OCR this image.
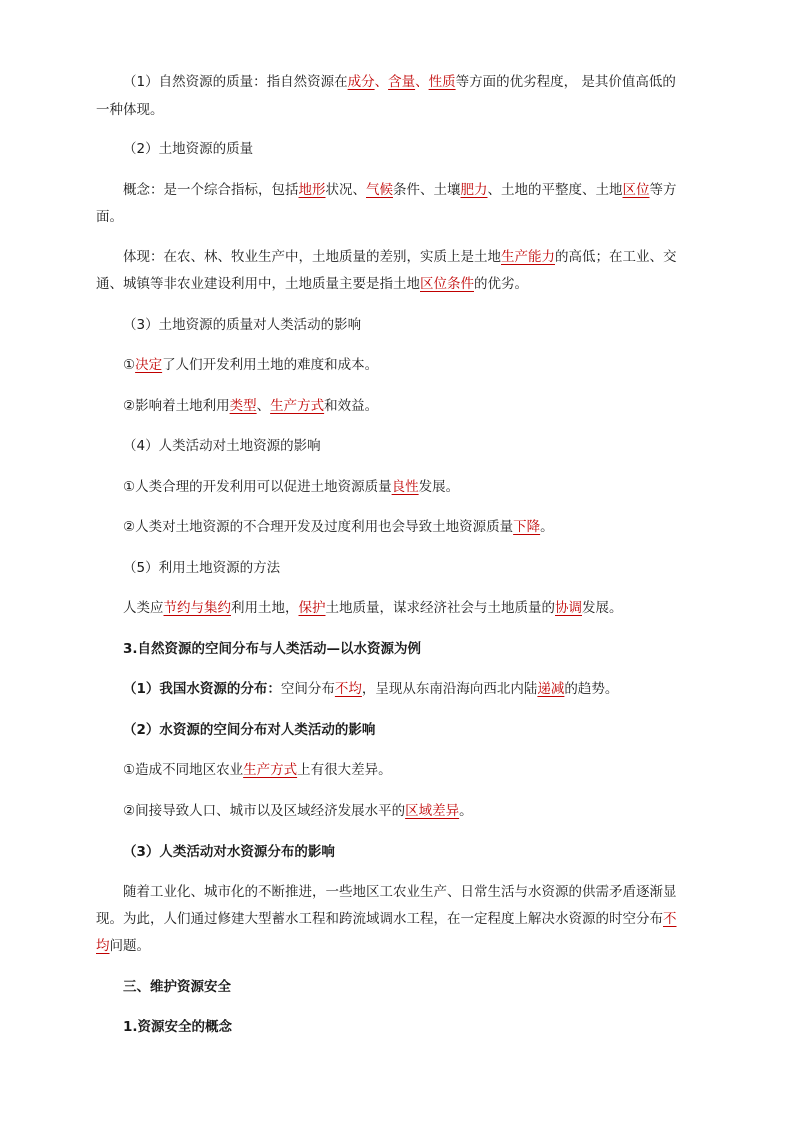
（1）自然资源的质量：指自然资源在成分、含量、性质等方面的优劣程度， 是其价值高低的

一种体现。

（2）土地资源的质量

概念：是一个综合指标，包括地形状况、气候条件、土壤肥力、土地的平整度、土地区位等方

面。

体现：在农、林、牧业生产中，土地质量的差别，实质上是土地生产能力的高低；在工业、交

通、城镇等非农业建设利用中，土地质量主要是指土地区位条件的优劣。

（3）土地资源的质量对人类活动的影响

①决定了人们开发利用土地的难度和成本。

②影响着土地利用类型、生产方式和效益。

（4）人类活动对土地资源的影响

①人类合理的开发利用可以促进土地资源质量良性发展。

②人类对土地资源的不合理开发及过度利用也会导致土地资源质量下降。

（5）利用土地资源的方法

人类应节约与集约利用土地，保护土地质量，谋求经济社会与土地质量的协调发展。

3.自然资源的空间分布与人类活动—以水资源为例

（1）我国水资源的分布：空间分布不均，呈现从东南沿海向西北内陆递减的趋势。

（2）水资源的空间分布对人类活动的影响

①造成不同地区农业生产方式上有很大差异。

②间接导致人口、城市以及区域经济发展水平的区域差异。

（3）人类活动对水资源分布的影响

随着工业化、城市化的不断推进，一些地区工农业生产、日常生活与水资源的供需矛盾逐渐显

现。为此，人们通过修建大型蓄水工程和跨流域调水工程，在一定程度上解决水资源的时空分布不

均问题。

三、维护资源安全

1.资源安全的概念
